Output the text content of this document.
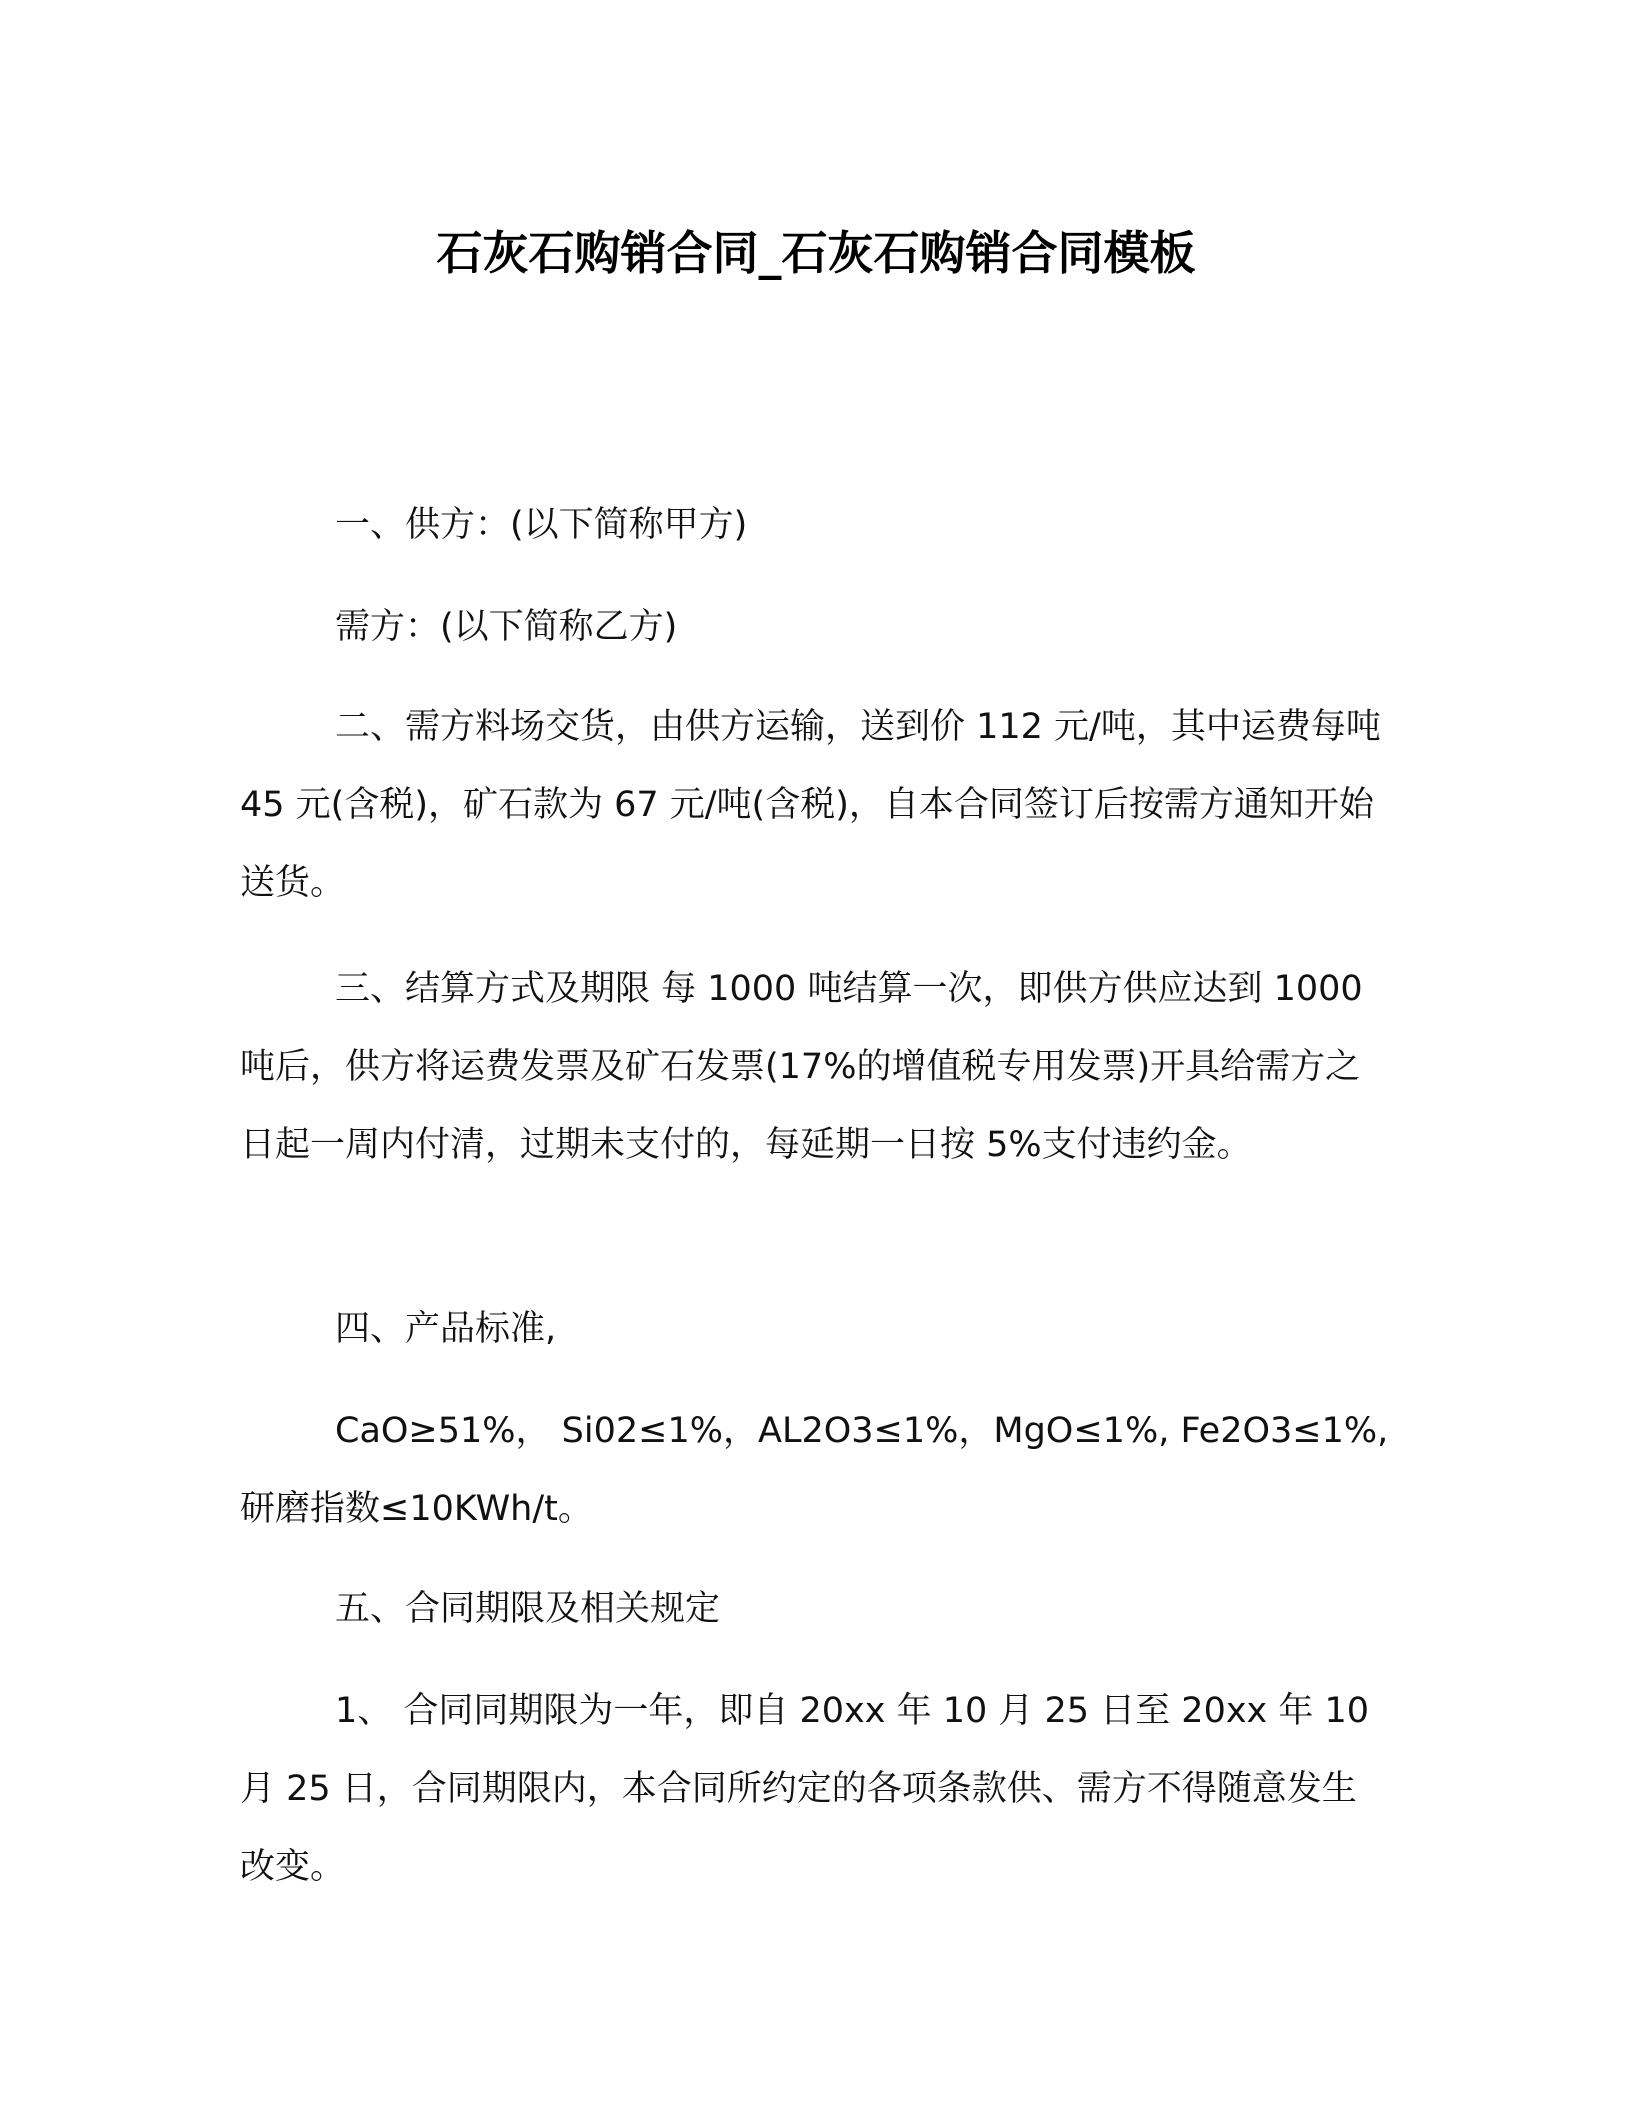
石灰石购销合同_石灰石购销合同模板

一、供方：(以下简称甲方)

需方：(以下简称乙方)

二、需方料场交货，由供方运输，送到价 112 元/吨，其中运费每吨 45 元(含税)，矿石款为 67 元/吨(含税)，自本合同签订后按需方通知开始送货。

三、结算方式及期限 每 1000 吨结算一次，即供方供应达到 1000 吨后，供方将运费发票及矿石发票(17%的增值税专用发票)开具给需方之日起一周内付清，过期未支付的，每延期一日按 5%支付违约金。

四、产品标准,

CaO≥51%， Si02≤1%，AL2O3≤1%，MgO≤1%, Fe2O3≤1%, 研磨指数≤10KWh/t。

五、合同期限及相关规定

1、 合同同期限为一年，即自 20xx 年 10 月 25 日至 20xx 年 10 月 25 日，合同期限内，本合同所约定的各项条款供、需方不得随意发生改变。
